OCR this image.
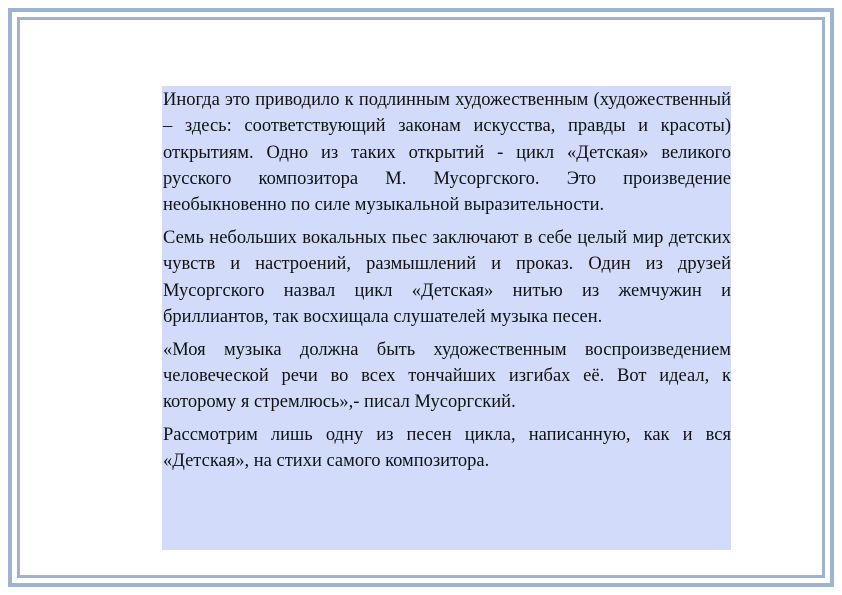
Иногда это приводило к подлинным художественным (художественный – здесь: соответствующий законам искусства, правды и красоты) открытиям. Одно из таких открытий - цикл «Детская» великого русского композитора М. Мусоргского. Это произведение необыкновенно по силе музыкальной выразительности.

Семь небольших вокальных пьес заключают в себе целый мир детских чувств и настроений, размышлений и проказ. Один из друзей Мусоргского назвал цикл «Детская» нитью из жемчужин и бриллиантов, так восхищала слушателей музыка песен.

«Моя музыка должна быть художественным воспроизведением человеческой речи во всех тончайших изгибах её. Вот идеал, к которому я стремлюсь»,- писал Мусоргский.

Рассмотрим лишь одну из песен цикла, написанную, как и вся «Детская», на стихи самого композитора.
